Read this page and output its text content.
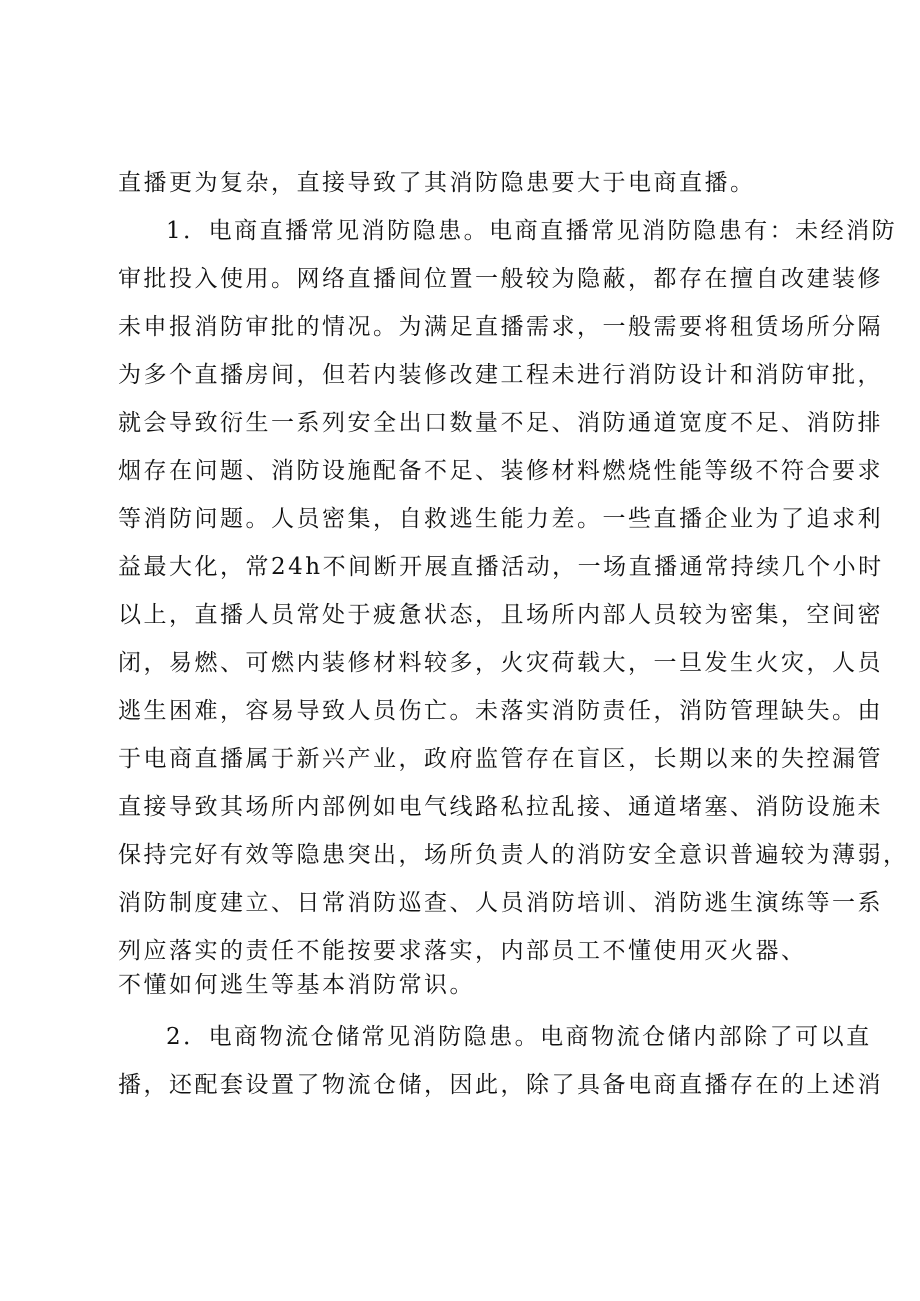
直播更为复杂，直接导致了其消防隐患要大于电商直播。
1．电商直播常见消防隐患。电商直播常见消防隐患有：未经消防
审批投入使用。网络直播间位置一般较为隐蔽，都存在擅自改建装修
未申报消防审批的情况。为满足直播需求，一般需要将租赁场所分隔
为多个直播房间，但若内装修改建工程未进行消防设计和消防审批，
就会导致衍生一系列安全出口数量不足、消防通道宽度不足、消防排
烟存在问题、消防设施配备不足、装修材料燃烧性能等级不符合要求
等消防问题。人员密集，自救逃生能力差。一些直播企业为了追求利
益最大化，常24h不间断开展直播活动，一场直播通常持续几个小时
以上，直播人员常处于疲惫状态，且场所内部人员较为密集，空间密
闭，易燃、可燃内装修材料较多，火灾荷载大，一旦发生火灾，人员
逃生困难，容易导致人员伤亡。未落实消防责任，消防管理缺失。由
于电商直播属于新兴产业，政府监管存在盲区，长期以来的失控漏管
直接导致其场所内部例如电气线路私拉乱接、通道堵塞、消防设施未
保持完好有效等隐患突出，场所负责人的消防安全意识普遍较为薄弱，
消防制度建立、日常消防巡查、人员消防培训、消防逃生演练等一系
列应落实的责任不能按要求落实，内部员工不懂使用灭火器、
不懂如何逃生等基本消防常识。
2．电商物流仓储常见消防隐患。电商物流仓储内部除了可以直
播，还配套设置了物流仓储，因此，除了具备电商直播存在的上述消
